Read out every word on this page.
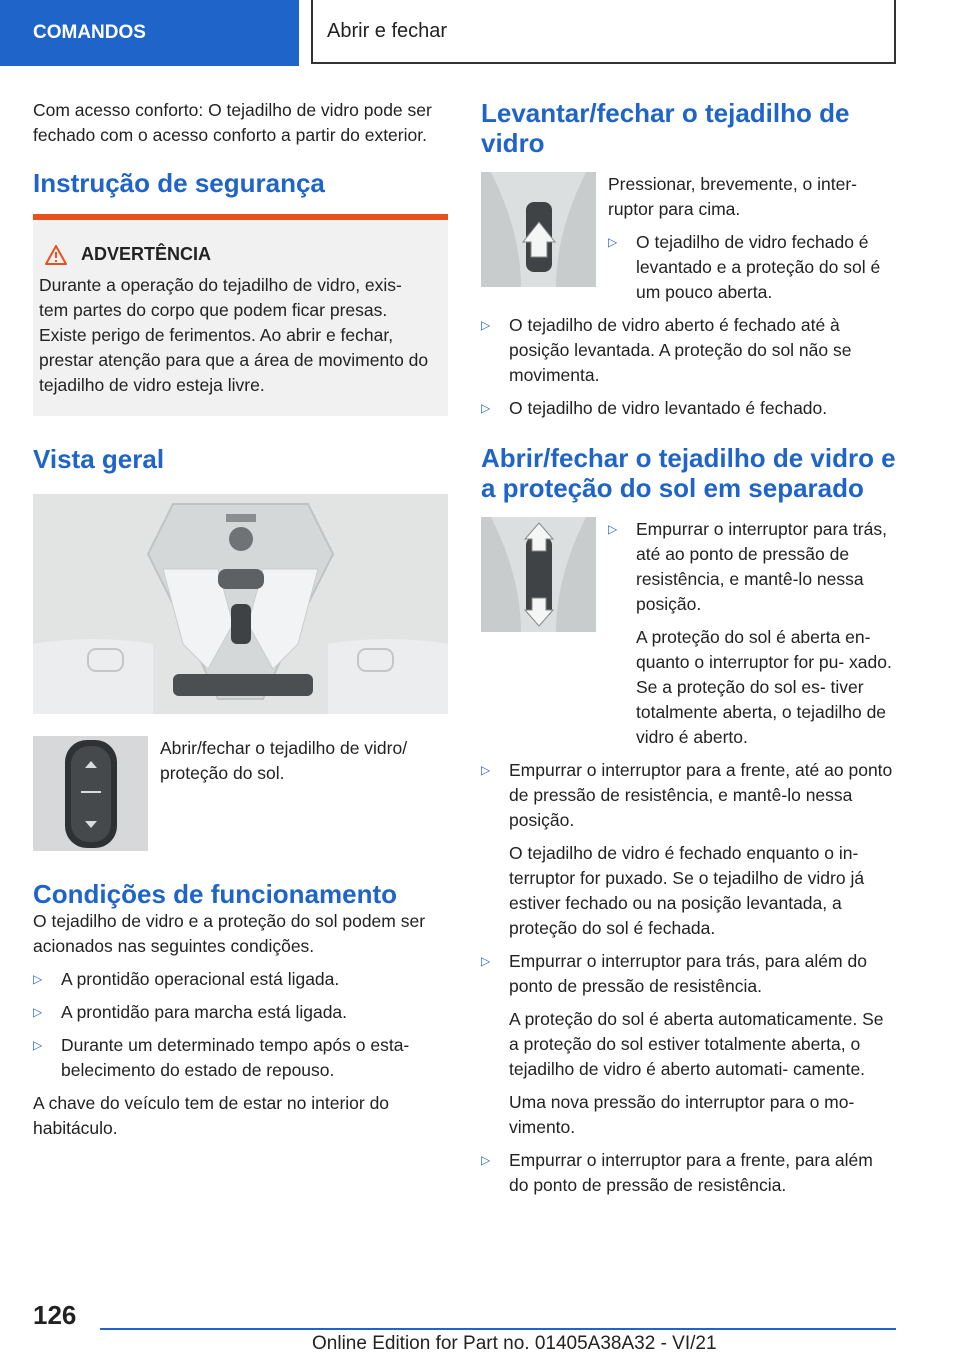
COMANDOS	Abrir e fechar

Com acesso conforto: O tejadilho de vidro pode ser fechado com o acesso conforto a partir do exterior.

Instrução de segurança
ADVERTÊNCIA

Durante a operação do tejadilho de vidro, exis- tem partes do corpo que podem ficar presas. Existe perigo de ferimentos. Ao abrir e fechar, prestar atenção para que a área de movimento do tejadilho de vidro esteja livre.

Vista geral

Abrir/fechar o tejadilho de vidro/ proteção do sol.

Condições de funcionamento

O tejadilho de vidro e a proteção do sol podem ser acionados nas seguintes condições.

▷	A prontidão operacional está ligada.
▷	A prontidão para marcha está ligada.
▷	Durante um determinado tempo após o esta- belecimento do estado de repouso.

A chave do veículo tem de estar no interior do habitáculo.

Levantar/fechar o tejadilho de vidro

Pressionar, brevemente, o inter- ruptor para cima.

▷	O tejadilho de vidro fechado é levantado e a proteção do sol é um pouco aberta.
▷	O tejadilho de vidro aberto é fechado até à posição levantada. A proteção do sol não se movimenta.
▷	O tejadilho de vidro levantado é fechado.
Abrir/fechar o tejadilho de vidro e a proteção do sol em separado
▷	Empurrar o interruptor para trás, até ao ponto de pressão de resistência, e mantê-lo nessa posição.

A proteção do sol é aberta en- quanto o interruptor for pu- xado. Se a proteção do sol es- tiver totalmente aberta, o tejadilho de vidro é aberto.

▷	Empurrar o interruptor para a frente, até ao ponto de pressão de resistência, e mantê-lo nessa posição.

O tejadilho de vidro é fechado enquanto o in- terruptor for puxado. Se o tejadilho de vidro já estiver fechado ou na posição levantada, a proteção do sol é fechada.

▷	Empurrar o interruptor para trás, para além do ponto de pressão de resistência.

A proteção do sol é aberta automaticamente. Se a proteção do sol estiver totalmente aberta, o tejadilho de vidro é aberto automati- camente.

Uma nova pressão do interruptor para o mo- vimento.

▷	Empurrar o interruptor para a frente, para além do ponto de pressão de resistência.
126
Online Edition for Part no. 01405A38A32 - VI/21
